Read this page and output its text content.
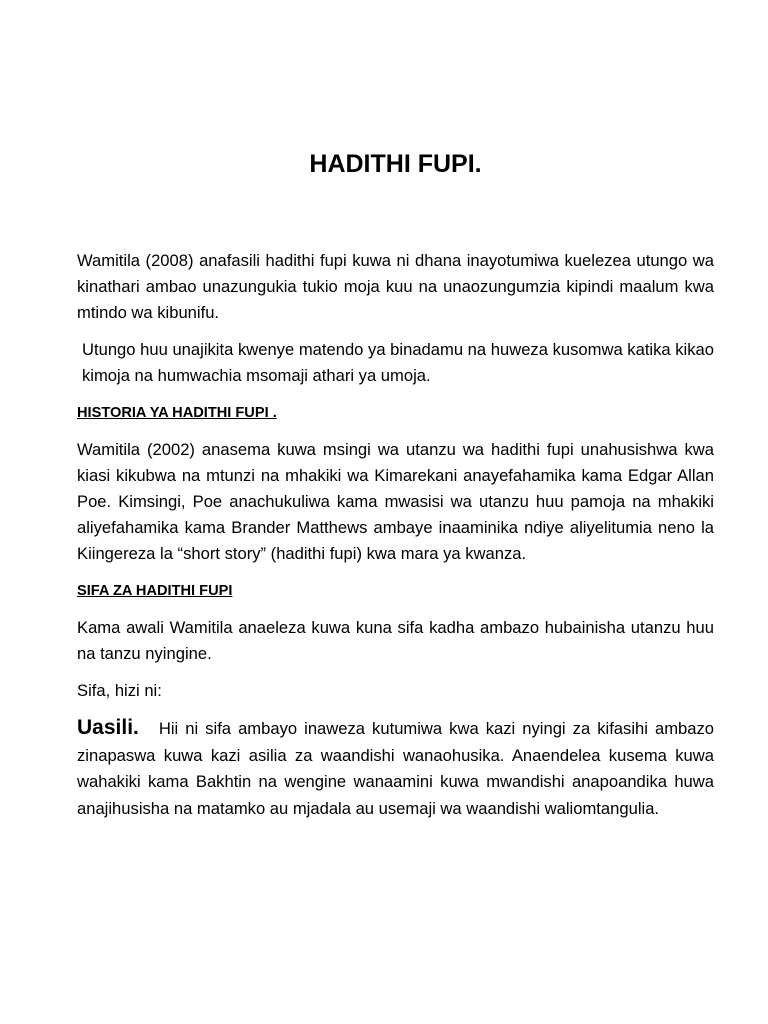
HADITHI FUPI.

Wamitila (2008) anafasili hadithi fupi kuwa ni dhana inayotumiwa kuelezea utungo wa kinathari ambao unazungukia tukio moja kuu na unaozungumzia kipindi maalum kwa mtindo wa kibunifu.

Utungo huu unajikita kwenye matendo ya binadamu na huweza kusomwa katika kikao kimoja na humwachia msomaji athari ya umoja.

HISTORIA YA HADITHI FUPI .

Wamitila (2002) anasema kuwa msingi wa utanzu wa hadithi fupi unahusishwa kwa kiasi kikubwa na mtunzi na mhakiki wa Kimarekani anayefahamika kama Edgar Allan Poe. Kimsingi, Poe anachukuliwa kama mwasisi wa utanzu huu pamoja na mhakiki aliyefahamika kama Brander Matthews ambaye inaaminika ndiye aliyelitumia neno la Kiingereza la “short story” (hadithi fupi) kwa mara ya kwanza.

SIFA ZA HADITHI FUPI

Kama awali Wamitila anaeleza kuwa kuna sifa kadha ambazo hubainisha utanzu huu na tanzu nyingine.

Sifa, hizi ni:

Uasili. Hii ni sifa ambayo inaweza kutumiwa kwa kazi nyingi za kifasihi ambazo zinapaswa kuwa kazi asilia za waandishi wanaohusika. Anaendelea kusema kuwa wahakiki kama Bakhtin na wengine wanaamini kuwa mwandishi anapoandika huwa anajihusisha na matamko au mjadala au usemaji wa waandishi waliomtangulia.
